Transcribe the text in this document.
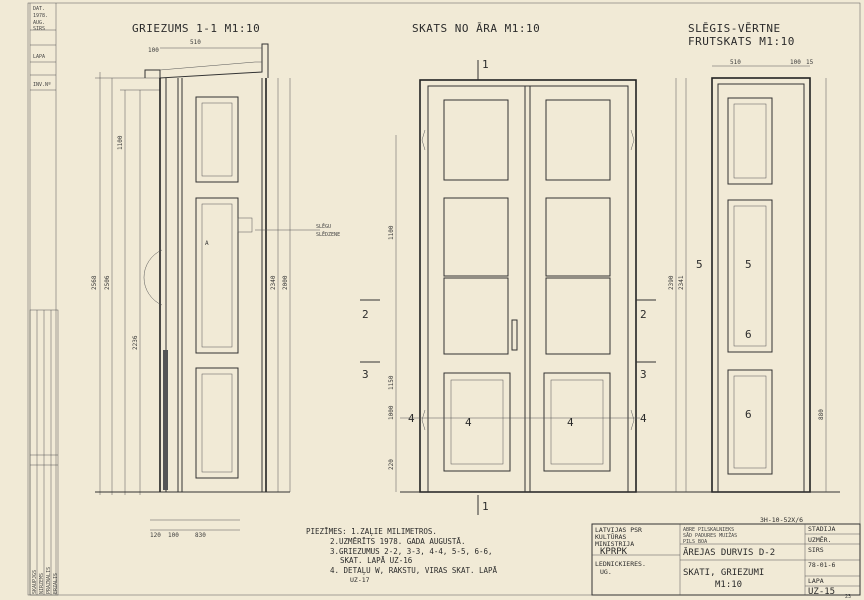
DAT.
1978.
AUG.
SIRS
LAPA
INV.Nº
SKAUPJGS NIRZEMS PRAZNALIS ERZALIS
GRIEZUMS 1-1 M1:10	SKATS NO ĀRA M1:10	SLĒGIS-VĒRTNE
FRUTSKATS M1:10
2568 2506
1100
2236
510
100
A
2340 2000
SLĒGU
SLĒDZENE
120 100	830
1
1
2	2
3	3
4	4
4	4
1100
1150
1000
220
510	100 15
5	5
6
6
2390 2341
880
PIEZĪMES: 1.ZAĻIE MILIMETROS.
2.UZMĒRĪTS 1978. GADA AUGUSTĀ.
3.GRIEZUMUS 2-2, 3-3, 4-4, 5-5, 6-6,
SKAT. LAPĀ UZ-16
4. DETAĻU W, RAKSTU, VIRAS SKAT. LAPĀ
UZ-17
LATVIJAS PSR
KULTŪRAS
MINISTRIJA
KPRPK
LEDNICKIERES.
UG.
ABRE PILSKALNIEKS
SĀD PADURES MUIŽAS
PILS BOA
3H-10-52X/6
STADIJA
UZMĒR.
ĀREJAS DURVIS D-2	SIRS
78-01-6
SKATI, GRIEZUMI
M1:10	LAPA
UZ-15 23
